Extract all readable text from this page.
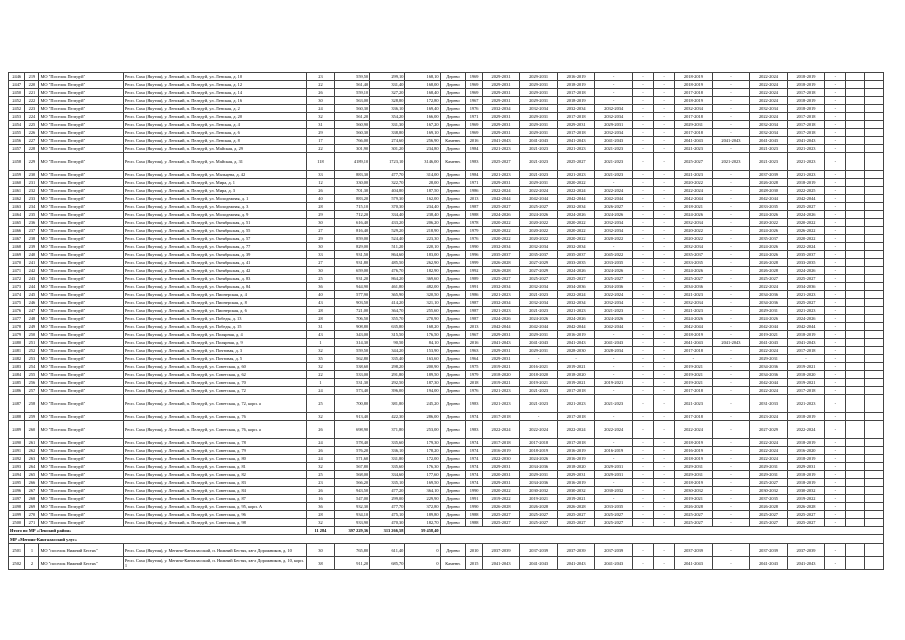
2446	219	МО "Поселок Пеледуй"	Респ. Саха (Якутия), у. Ленский, п. Пеледуй, ул. Ленская, д. 10	23	559,50	299,10	168,10	Дерево	1969	2029-2031	2029-2031	2016-2019	-	-	-	2018-2019	-	2022-2024	2018-2019	-		
2447	220	МО "Поселок Пеледуй"	Респ. Саха (Якутия), у. Ленский, п. Пеледуй, ул. Ленская, д. 12	22	561,40	331,40	168,00	Дерево	1969	2029-2031	2029-2031	2018-2019	-	-	-	2018-2019	-	2022-2024	2018-2019	-		
2450	221	МО "Поселок Пеледуй"	Респ. Саха (Якутия), у. Ленский, п. Пеледуй, ул. Ленская, д. 14	26	559,10	327,20	168,40	Дерево	1969	2029-2031	2029-2031	2017-2018	-	-	-	2017-2018	-	2022-2024	2017-2018	-		
2452	222	МО "Поселок Пеледуй"	Респ. Саха (Якутия), у. Ленский, п. Пеледуй, ул. Ленская, д. 16	30	563,00	328,80	172,80	Дерево	1967	2029-2031	2029-2031	2018-2019	-	-	-	2018-2019	-	2022-2024	2018-2019	-		
2452	223	МО "Поселок Пеледуй"	Респ. Саха (Якутия), у. Ленский, п. Пеледуй, ул. Ленская, д. 2	24	560,30	336,10	169,40	Дерево	1976	2032-2034	2032-2034	2032-2034	2032-2034	-	-	2032-2034	-	2032-2034	2018-2019	-		
2453	224	МО "Поселок Пеледуй"	Респ. Саха (Якутия), у. Ленский, п. Пеледуй, ул. Ленская, д. 20	32	561,20	354,20	166,00	Дерево	1971	2029-2031	2029-2031	2017-2018	2032-2034	-	-	2017-2018	-	2022-2024	2017-2018	-		
2454	225	МО "Поселок Пеледуй"	Респ. Саха (Якутия), у. Ленский, п. Пеледуй, ул. Ленская, д. 4	31	560,90	331,30	167,20	Дерево	1969	2029-2031	2029-2031	2029-2031	2029-2031	-	-	2029-2031	-	2032-2034	2017-2018	-		
2455	226	МО "Поселок Пеледуй"	Респ. Саха (Якутия), у. Ленский, п. Пеледуй, ул. Ленская, д. 6	29	560,30	338,80	169,10	Дерево	1969	2029-2031	2029-2031	2017-2018	2032-2034	-	-	2017-2018	-	2032-2034	2017-2018	-		
2456	227	МО "Поселок Пеледуй"	Респ. Саха (Якутия), у. Ленский, п. Пеледуй, ул. Ленская, д. 8	17	766,00	274,60	256,90	Каменн.	2016	2041-2043	2041-2043	2041-2043	2041-2043	-	-	2041-2043	2041-2043	2041-2043	2041-2043	-		
2457	228	МО "Поселок Пеледуй"	Респ. Саха (Якутия), у. Ленский, п. Пеледуй, ул. Майская, д. 29	22	301,90	301,20	234,80	Дерево	1984	2021-2023	2021-2023	2021-2023	2021-2023	-	-	2021-2023	-	2021-2023	2021-2023	-		
2458	229	МО "Поселок Пеледуй"	Респ. Саха (Якутия), у. Ленский, п. Пеледуй, ул. Майская, д. 31	118	4189,10	1723,10	3146,00	Каменн.	1983	2025-2027	2021-2023	2025-2027	2021-2023	-	-	2025-2027	2021-2023	2021-2023	2021-2023	-		
2459	230	МО "Поселок Пеледуй"	Респ. Саха (Якутия), у. Ленский, п. Пеледуй, ул. Мальцева, д. 42	33	883,30	477,70	314,00	Дерево	1984	2021-2023	2021-2023	2021-2023	2021-2023	-	-	2021-2023	-	2037-2039	2021-2023	-		
2460	231	МО "Поселок Пеледуй"	Респ. Саха (Якутия), у. Ленский, п. Пеледуй, ул. Мира, д. 1	12	330,00	322,70	28,00	Дерево	1971	2029-2031	2029-2031	2020-2022	-	-	-	2020-2022	-	2026-2028	2018-2019	-		
2461	232	МО "Поселок Пеледуй"	Респ. Саха (Якутия), у. Ленский, п. Пеледуй, ул. Мира, д. 3	26	701,30	404,80	187,50	Дерево	1986	2022-2024	2022-2024	2022-2024	2022-2024	-	-	2022-2024	-	2028-2030	2022-2025	-		
2462	233	МО "Поселок Пеледуй"	Респ. Саха (Якутия), у. Ленский, п. Пеледуй, ул. Молодежная, д. 1	40	883,20	579,30	162,00	Дерево	2013	2042-2044	2042-2044	2042-2044	2042-2044	-	-	2042-2044	-	2042-2044	2042-2044	-		
2463	234	МО "Поселок Пеледуй"	Респ. Саха (Якутия), у. Ленский, п. Пеледуй, ул. Молодежная, д. 3	28	715,10	370,30	234,40	Дерево	1987	2025-2027	2025-2027	2032-2034	2026-2027	-	-	2018-2021	-	2033-2035	2025-2027	-		
2464	235	МО "Поселок Пеледуй"	Респ. Саха (Якутия), у. Ленский, п. Пеледуй, ул. Молодежная, д. 9	29	712,20	334,40	238,40	Дерево	1988	2024-2026	2024-2026	2024-2026	2024-2026	-	-	2024-2026	-	2024-2026	2024-2026	-		
2465	236	МО "Поселок Пеледуй"	Респ. Саха (Якутия), у. Ленский, п. Пеледуй, ул. Октябрьская, д. 51	30	616,40	433,20	206,20	Дерево	1978	2020-2022	2020-2022	2020-2022	2032-2034	-	-	2032-2034	-	2020-2022	2020-2022	-		
2466	237	МО "Поселок Пеледуй"	Респ. Саха (Якутия), у. Ленский, п. Пеледуй, ул. Октябрьская, д. 55	27	816,40	529,20	218,90	Дерево	1979	2020-2022	2020-2022	2020-2022	2032-2034	-	-	2020-2022	-	2024-2026	2026-2022	-		
2467	238	МО "Поселок Пеледуй"	Респ. Саха (Якутия), у. Ленский, п. Пеледуй, ул. Октябрьская, д. 57	29	859,00	524,40	223,30	Дерево	1976	2020-2022	2020-2022	2020-2022	2020-2022	-	-	2020-2022	-	2035-2037	2020-2022	-		
2468	239	МО "Поселок Пеледуй"	Респ. Саха (Якутия), у. Ленский, п. Пеледуй, ул. Октябрьская, д. 77	30	829,00	511,20	220,10	Дерево	1990	2032-2034	2032-2034	2032-2034	-	-	-	2032-2034	-	2024-2026	2022-2024	-		
2469	240	МО "Поселок Пеледуй"	Респ. Саха (Якутия), у. Ленский, п. Пеледуй, ул. Октябрьская, д. 39	33	931,50	864,60	183,00	Дерево	1996	2035-2037	2035-2037	2035-2037	2045-2022	-	-	2035-2037	-	2024-2026	2035-2037	-		
2470	241	МО "Поселок Пеледуй"	Респ. Саха (Якутия), у. Ленский, п. Пеледуй, ул. Октябрьская, д. 41	27	931,80	485,50	262,90	Дерево	1999	2026-2028	2027-2029	2033-2035	2033-2035	-	-	2033-2035	-	2026-2028	2033-2035	-		
2471	242	МО "Поселок Пеледуй"	Респ. Саха (Якутия), у. Ленский, п. Пеледуй, ул. Октябрьская, д. 42	30	659,00	476,70	182,90	Дерево	1992	2026-2028	2027-2029	2024-2026	2024-2026	-	-	2024-2026	-	2026-2028	2024-2026	-		
2472	243	МО "Поселок Пеледуй"	Респ. Саха (Якутия), у. Ленский, п. Пеледуй, ул. Октябрьская, д. 83	25	931,20	864,20	369,60	Дерево	1989	2025-2027	2025-2027	2025-2027	2025-2027	-	-	2025-2027	-	2025-2027	2025-2027	-		
2473	244	МО "Поселок Пеледуй"	Респ. Саха (Якутия), у. Ленский, п. Пеледуй, ул. Октябрьская, д. 84	36	944,90	461,80	482,00	Дерево	1991	2032-2034	2032-2034	2034-2036	2034-2036	-	-	2034-2036	-	2022-2024	2034-2036	-		
2474	245	МО "Поселок Пеледуй"	Респ. Саха (Якутия), у. Ленский, п. Пеледуй, ул. Пионерская, д. 4	40	577,90	365,90	320,50	Дерево	1986	2021-2023	2021-2023	2022-2024	2022-2024	-	-	2021-2023	-	2034-2036	2021-2023	-		
2475	246	МО "Поселок Пеледуй"	Респ. Саха (Якутия), у. Ленский, п. Пеледуй, ул. Пионерская, д. 8	43	903,50	414,20	321,10	Дерево	1987	2032-2034	2032-2034	2032-2034	2032-2034	-	-	2032-2034	-	2034-2036	2025-2027	-		
2476	247	МО "Поселок Пеледуй"	Респ. Саха (Якутия), у. Ленский, п. Пеледуй, ул. Пионерская, д. 6	28	721,00	364,70	255,60	Дерево	1987	2021-2023	2021-2023	2021-2023	2021-2023	-	-	2021-2023	-	2029-2031	2021-2023	-		
2477	248	МО "Поселок Пеледуй"	Респ. Саха (Якутия), у. Ленский, п. Пеледуй, ул. Победы, д. 13	28	706,50	355,70	270,90	Дерево	1987	2024-2026	2024-2026	2024-2026	2024-2026	-	-	2024-2026	-	2024-2026	2024-2026	-		
2478	249	МО "Поселок Пеледуй"	Респ. Саха (Якутия), у. Ленский, п. Пеледуй, ул. Победы, д. 15	31	908,80	635,80	168,20	Дерево	2013	2042-2044	2042-2044	2042-2044	2042-2044	-	-	2042-2044	-	2042-2044	2042-2044	-		
2479	250	МО "Поселок Пеледуй"	Респ. Саха (Якутия), у. Ленский, п. Пеледуй, ул. Полярная, д. 4	43	343,00	315,50	176,50	Дерево	1967	2029-2031	2029-2031	2016-2019	-	-	-	2018-2019	-	2019-2021	2018-2019	-		
2480	251	МО "Поселок Пеледуй"	Респ. Саха (Якутия), у. Ленский, п. Пеледуй, ул. Полярная, д. 9	1	314,30	90,50	84,10	Дерево	2016	2041-2043	2041-2043	2041-2043	2041-2043	-	-	2041-2043	2041-2043	2041-2043	2041-2043	-		
2481	252	МО "Поселок Пеледуй"	Респ. Саха (Якутия), у. Ленский, п. Пеледуй, ул. Почтовая, д. 3	32	559,50	344,20	153,90	Дерево	1963	2029-2031	2029-2031	2028-2030	2028-2034	-	-	2017-2018	-	2022-2024	2017-2018	-		
2482	253	МО "Поселок Пеледуй"	Респ. Саха (Якутия), у. Ленский, п. Пеледуй, ул. Почтовая, д. 5	35	562,80	335,40	163,60	Дерево	1964	2029-2031	-	-	-	-	-	-	-	2029-2031	-	-		
2483	254	МО "Поселок Пеледуй"	Респ. Саха (Якутия), у. Ленский, п. Пеледуй, ул. Советская, д. 60	32	538,60	298,20	200,90	Дерево	1975	2019-2021	2016-2021	2019-2021	-	-	-	2019-2021	-	2034-2036	2019-2021	-		
2484	255	МО "Поселок Пеледуй"	Респ. Саха (Якутия), у. Ленский, п. Пеледуй, ул. Советская, д. 62	22	533,00	291,80	189,50	Дерево	1979	2018-2020	2018-2020	2018-2020	-	-	-	2019-2021	-	2034-2036	2018-2020	-		
2485	256	МО "Поселок Пеледуй"	Респ. Саха (Якутия), у. Ленский, п. Пеледуй, ул. Советская, д. 70	1	531,30	292,50	187,30	Дерево	2018	2019-2021	2019-2021	2019-2021	2019-2021	-	-	2019-2021	-	2042-2044	2019-2021	-		
2486	257	МО "Поселок Пеледуй"	Респ. Саха (Якутия), у. Ленский, п. Пеледуй, ул. Советская, д. 72	24	573,40	396,00	194,00	Дерево	1976	2021-2023	2021-2023	2017-2018	-	-	-	2017-2018	-	2022-2024	2017-2018	-		
2487	258	МО "Поселок Пеледуй"	Респ. Саха (Якутия), у. Ленский, п. Пеледуй, ул. Советская, д. 72, корп. а	25	700,80	381,80	245,20	Дерево	1983	2021-2023	2021-2023	2021-2023	2021-2023	-	-	2021-2023	-	2031-2033	2021-2023	-		
2488	259	МО "Поселок Пеледуй"	Респ. Саха (Якутия), у. Ленский, п. Пеледуй, ул. Советская, д. 76	32	913,40	422,30	286,00	Дерево	1974	2017-2018	-	2017-2018	-	-	-	2017-2018	-	2023-2024	2018-2019	-		
2489	260	МО "Поселок Пеледуй"	Респ. Саха (Якутия), у. Ленский, п. Пеледуй, ул. Советская, д. 76, корп. а	26	698,90	371,80	253,00	Дерево	1983	2022-2024	2022-2024	2022-2024	2022-2024	-	-	2022-2024	-	2027-2029	2022-2024	-		
2490	261	МО "Поселок Пеледуй"	Респ. Саха (Якутия), у. Ленский, п. Пеледуй, ул. Советская, д. 78	24	578,40	335,60	179,30	Дерево	1974	2017-2018	2017-2018	2017-2018	-	-	-	2018-2019	-	2022-2024	2018-2019	-		
2491	262	МО "Поселок Пеледуй"	Респ. Саха (Якутия), у. Ленский, п. Пеледуй, ул. Советская, д. 79	26	576,20	336,10	178,20	Дерево	1974	2016-2019	2018-2019	2016-2019	2016-2019	-	-	2016-2019	-	2022-2024	2016-2020	-		
2492	263	МО "Поселок Пеледуй"	Респ. Саха (Якутия), у. Ленский, п. Пеледуй, ул. Советская, д. 80	24	571,60	331,80	172,00	Дерево	1974	2022-2030	2024-2026	2016-2019	-	-	-	2018-2019	-	2022-2024	2018-2019	-		
2493	264	МО "Поселок Пеледуй"	Респ. Саха (Якутия), у. Ленский, п. Пеледуй, ул. Советская, д. 81	32	567,80	335,60	176,30	Дерево	1974	2029-2031	2034-2036	2018-2020	2029-2031	-	-	2029-2031	-	2029-2031	2029-2031	-		
2494	265	МО "Поселок Пеледуй"	Респ. Саха (Якутия), у. Ленский, п. Пеледуй, ул. Советская, д. 82	25	568,00	334,60	177,60	Дерево	1974	2020-2031	2029-2031	2029-2031	2029-2031	-	-	2029-2031	-	2029-2031	2018-2019	-		
2495	266	МО "Поселок Пеледуй"	Респ. Саха (Якутия), у. Ленский, п. Пеледуй, ул. Советская, д. 83	23	566,20	335,10	169,50	Дерево	1974	2029-2031	2034-2036	2016-2019	-	-	-	2018-2019	-	2025-2027	2018-2019	-		
2496	267	МО "Поселок Пеледуй"	Респ. Саха (Якутия), у. Ленский, п. Пеледуй, ул. Советская, д. 84	26	943,50	477,20	364,10	Дерево	1990	2020-2022	2030-2032	2030-2032	2030-2032	-	-	2030-2032	-	2030-2032	2030-2032	-		
2497	268	МО "Поселок Пеледуй"	Респ. Саха (Якутия), у. Ленский, п. Пеледуй, ул. Советская, д. 87	16	547,00	299,00	229,90	Дерево	1991	2019-2022	2019-2021	2019-2021	-	-	-	2019-2021	-	2037-2035	2019-2022	-		
2498	269	МО "Поселок Пеледуй"	Респ. Саха (Якутия), у. Ленский, п. Пеледуй, ул. Советская, д. 95, корп. А	36	932,30	477,70	372,80	Дерево	1990	2026-2028	2026-2028	2026-2028	2033-2035	-	-	2026-2028	-	2026-2028	2026-2028	-		
2499	270	МО "Поселок Пеледуй"	Респ. Саха (Якутия), у. Ленский, п. Пеледуй, ул. Советская, д. 96	28	934,10	475,10	189,80	Дерево	1988	2025-2027	2025-2027	2025-2027	2025-2027	-	-	2025-2027	-	2025-2027	2025-2027	-		
2500	271	МО "Поселок Пеледуй"	Респ. Саха (Якутия), у. Ленский, п. Пеледуй, ул. Советская, д. 98	32	933,90	470,30	182,70	Дерево	1988	2025-2027	2025-2027	2025-2027	2025-2027	-	-	2025-2027	-	2025-2027	2025-2027	-		
Итого по МР «Ленский район»				11 284	397 229,36	313 266,58	59 458,40															
МР «Мегино-Кангаласский улус»																						
2501	1	МО "поселок Нижний Бестях"	Респ. Саха (Якутия), у. Мегино-Кангаласский, п. Нижний Бестях, кв-л Дорожников, д. 10	30	765,80	611,40	0	Дерево	2010	2037-2039	2037-2039	2037-2039	2037-2039	-	-	2037-2039	-	2037-2039	2037-2039	-		
2502	2	МО "поселок Нижний Бестях"	Респ. Саха (Якутия), у. Мегино-Кангаласский, п. Нижний Бестях, кв-л Дорожников, д. 10, корп. 1	38	911,20	685,70	0	Каменн.	2015	2041-2043	2041-2043	2041-2043	2041-2043	-	-	2041-2043	-	2041-2043	2041-2043	-		
